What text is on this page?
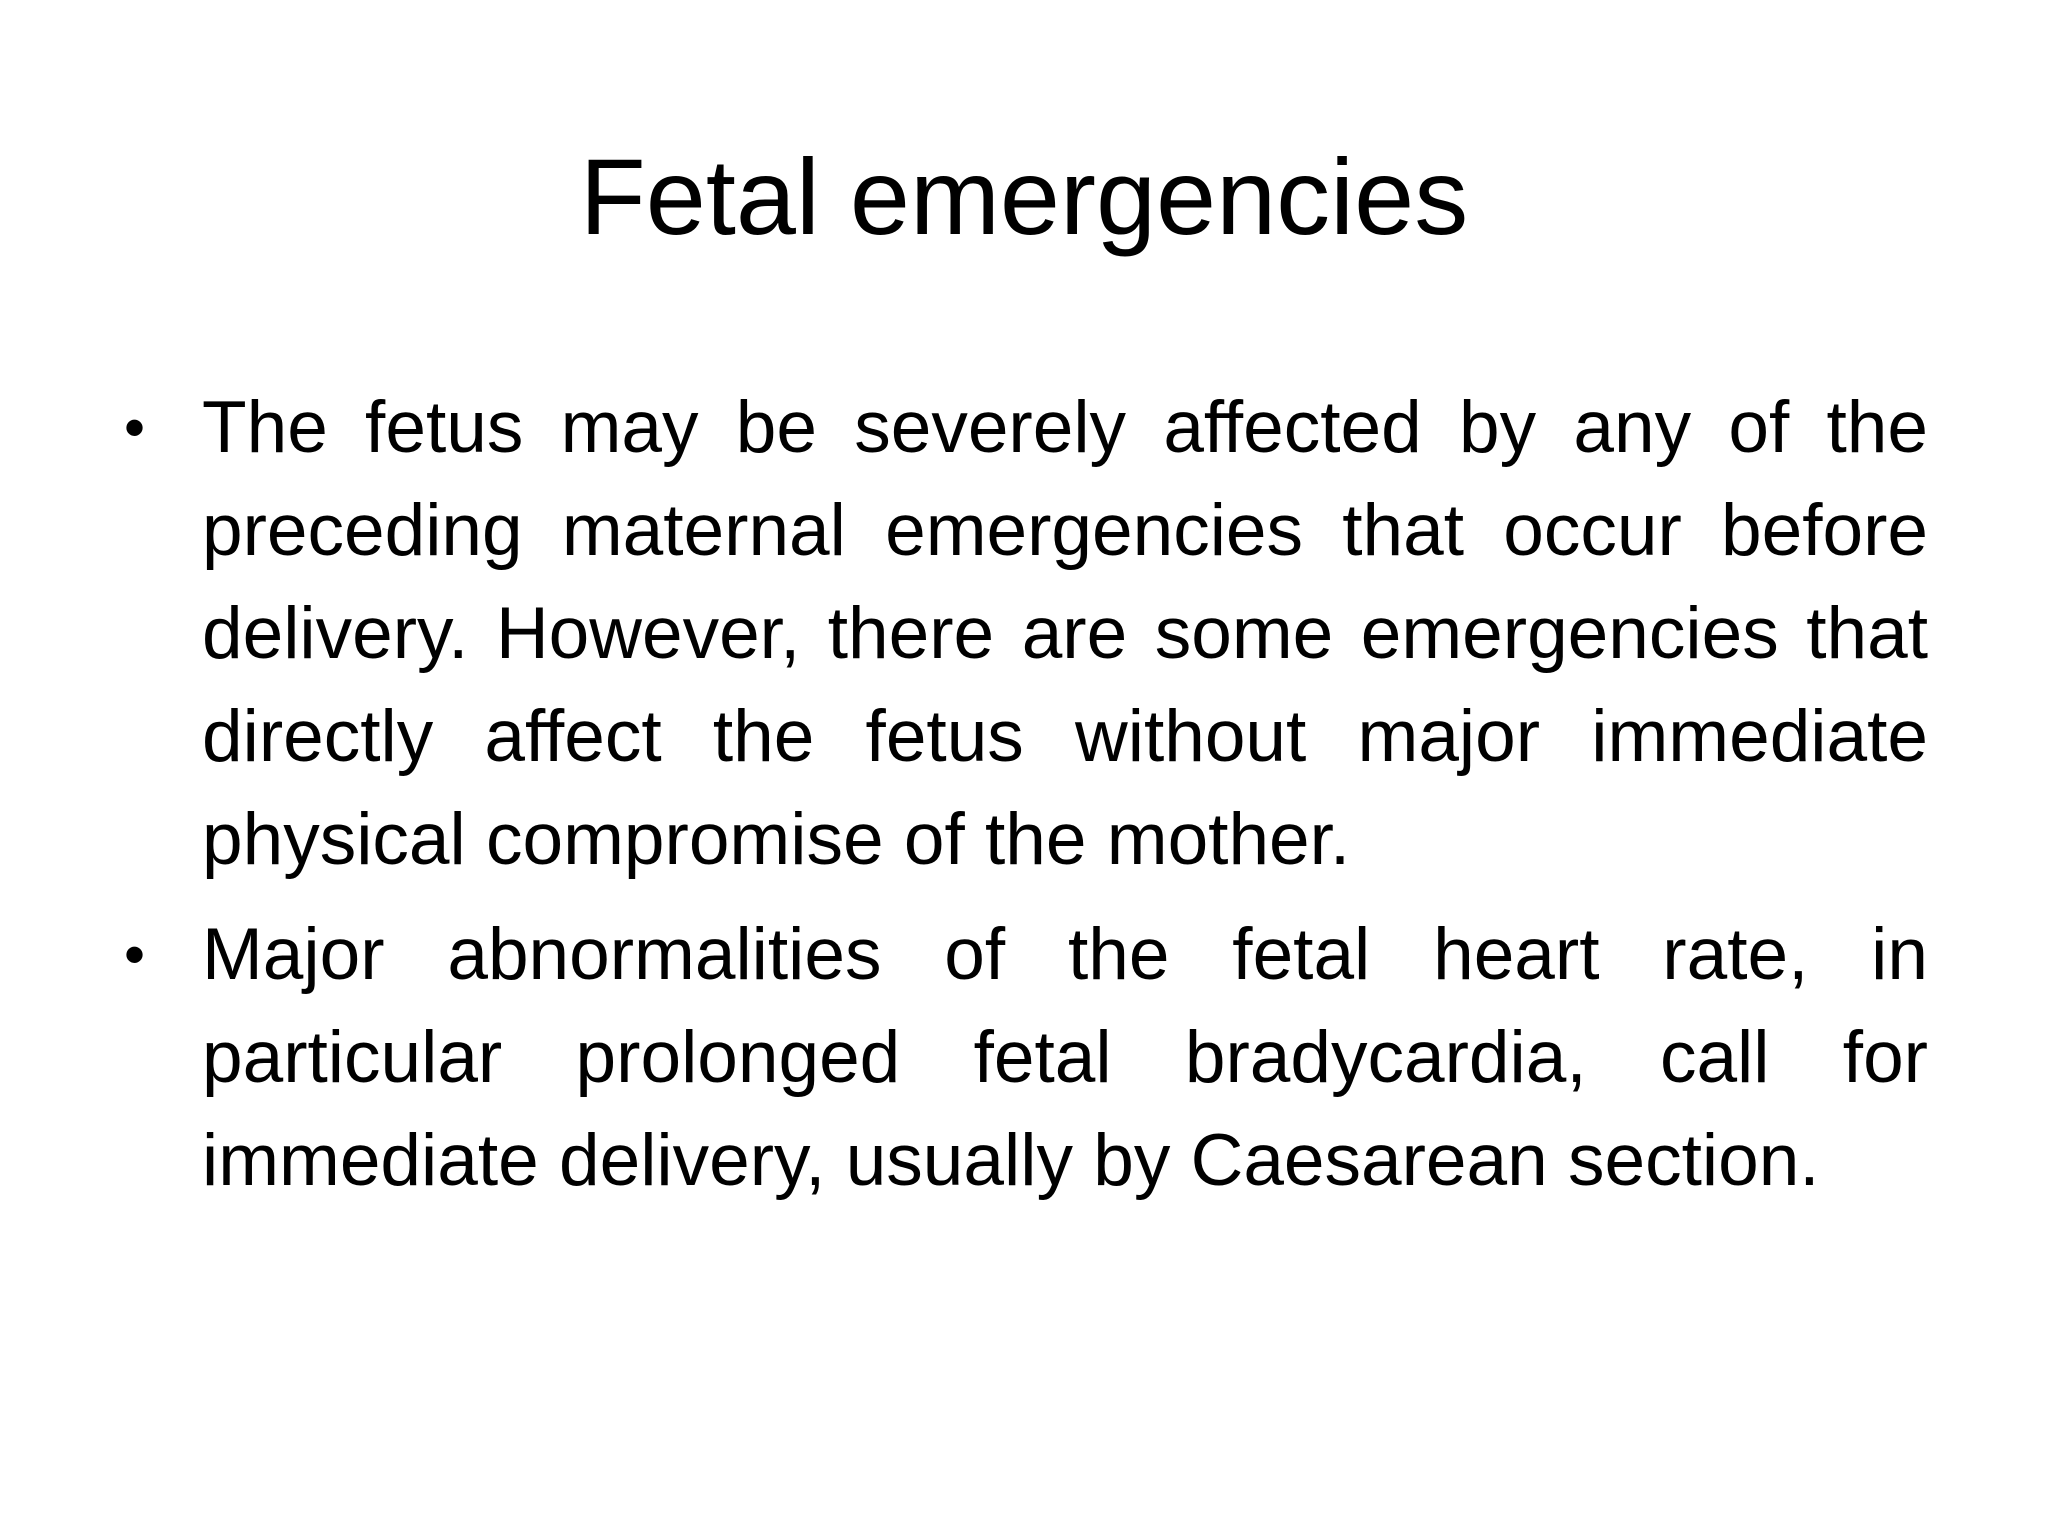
Fetal emergencies
• The fetus may be severely affected by any of the preceding maternal emergencies that occur before delivery. However, there are some emergencies that directly affect the fetus without major immediate physical compromise of the mother.
• Major abnormalities of the fetal heart rate, in particular prolonged fetal bradycardia, call for immediate delivery, usually by Caesarean section.
